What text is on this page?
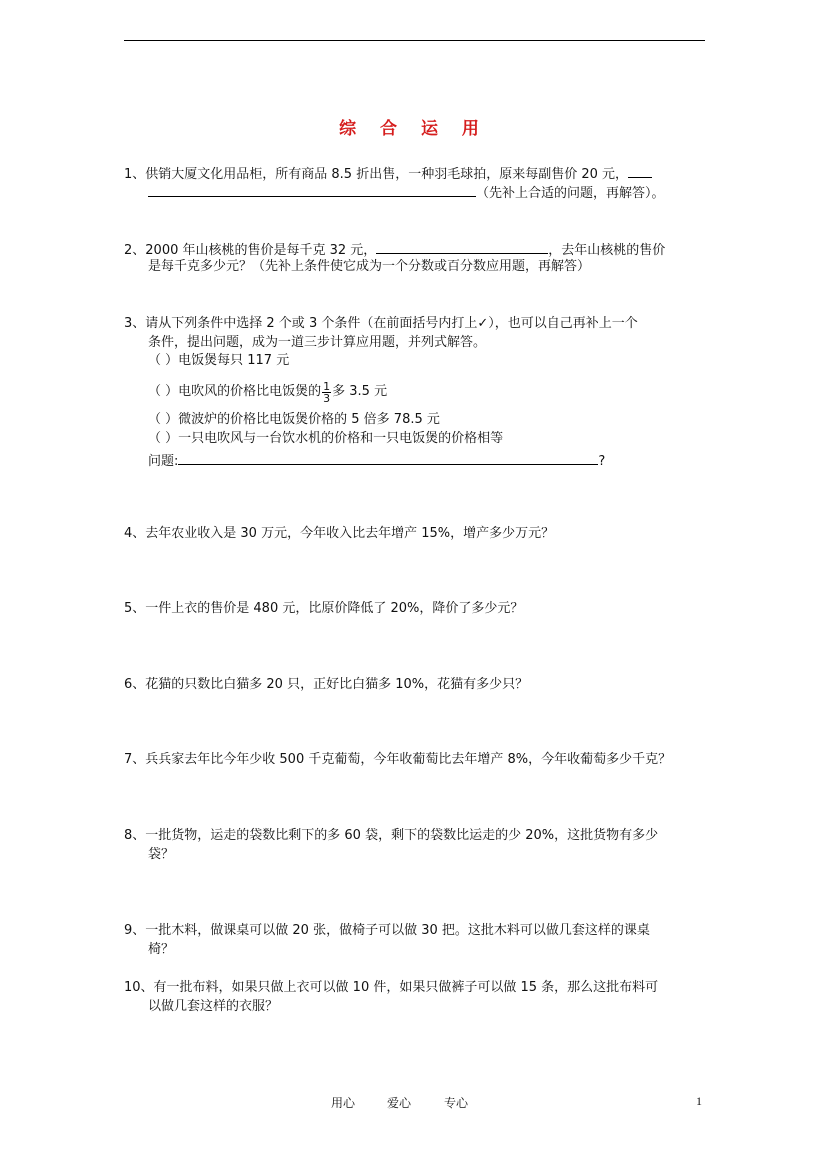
综 合 运 用
1、供销大厦文化用品柜，所有商品 8.5 折出售，一种羽毛球拍，原来每副售价 20 元，
（先补上合适的问题，再解答）。
2、2000 年山核桃的售价是每千克 32 元，	，去年山核桃的售价
是每千克多少元？（先补上条件使它成为一个分数或百分数应用题，再解答）
3、请从下列条件中选择 2 个或 3 个条件（在前面括号内打上✓），也可以自己再补上一个
条件，提出问题，成为一道三步计算应用题，并列式解答。
（ ）电饭煲每只 117 元
（ ）电吹风的价格比电饭煲的 $\frac{1}{3}$ 多 3.5 元
（ ）微波炉的价格比电饭煲价格的 5 倍多 78.5 元
（ ）一只电吹风与一台饮水机的价格和一只电饭煲的价格相等
问题:	?
4、去年农业收入是 30 万元，今年收入比去年增产 15%，增产多少万元？
5、一件上衣的售价是 480 元，比原价降低了 20%，降价了多少元？
6、花猫的只数比白猫多 20 只，正好比白猫多 10%，花猫有多少只？
7、兵兵家去年比今年少收 500 千克葡萄，今年收葡萄比去年增产 8%，今年收葡萄多少千克？
8、一批货物，运走的袋数比剩下的多 60 袋，剩下的袋数比运走的少 20%，这批货物有多少
袋？
9、一批木料，做课桌可以做 20 张，做椅子可以做 30 把。这批木料可以做几套这样的课桌
椅？
10、有一批布料，如果只做上衣可以做 10 件，如果只做裤子可以做 15 条，那么这批布料可
以做几套这样的衣服？
用心	爱心	专心	1
